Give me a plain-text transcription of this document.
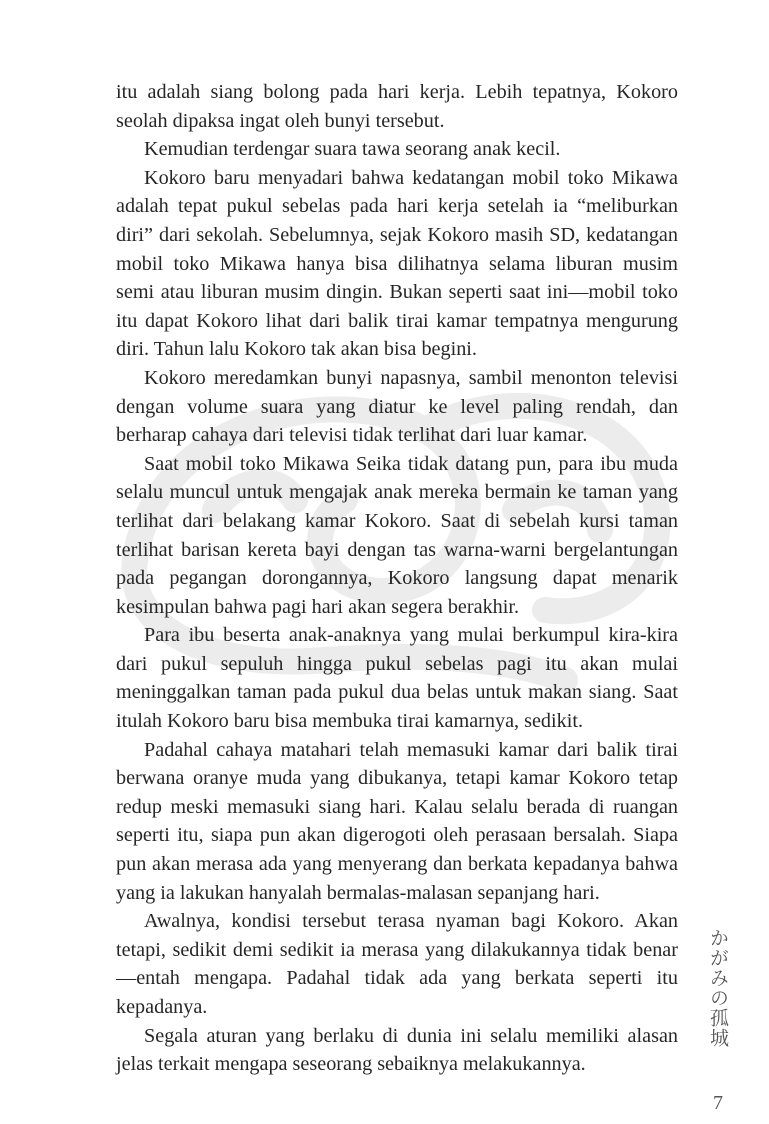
itu adalah siang bolong pada hari kerja. Lebih tepatnya, Kokoro seolah dipaksa ingat oleh bunyi tersebut.

Kemudian terdengar suara tawa seorang anak kecil.

Kokoro baru menyadari bahwa kedatangan mobil toko Mikawa adalah tepat pukul sebelas pada hari kerja setelah ia “meliburkan diri” dari sekolah. Sebelumnya, sejak Kokoro masih SD, kedatangan mobil toko Mikawa hanya bisa dilihatnya selama liburan musim semi atau liburan musim dingin. Bukan seperti saat ini—mobil toko itu dapat Kokoro lihat dari balik tirai kamar tempatnya mengurung diri. Tahun lalu Kokoro tak akan bisa begini.

Kokoro meredamkan bunyi napasnya, sambil menonton televisi dengan volume suara yang diatur ke level paling rendah, dan berharap cahaya dari televisi tidak terlihat dari luar kamar.

Saat mobil toko Mikawa Seika tidak datang pun, para ibu muda selalu muncul untuk mengajak anak mereka bermain ke taman yang terlihat dari belakang kamar Kokoro. Saat di sebelah kursi taman terlihat barisan kereta bayi dengan tas warna-warni bergelantungan pada pegangan dorongannya, Kokoro langsung dapat menarik kesimpulan bahwa pagi hari akan segera berakhir.

Para ibu beserta anak-anaknya yang mulai berkumpul kira-kira dari pukul sepuluh hingga pukul sebelas pagi itu akan mulai meninggalkan taman pada pukul dua belas untuk makan siang. Saat itulah Kokoro baru bisa membuka tirai kamarnya, sedikit.

Padahal cahaya matahari telah memasuki kamar dari balik tirai berwana oranye muda yang dibukanya, tetapi kamar Kokoro tetap redup meski memasuki siang hari. Kalau selalu berada di ruangan seperti itu, siapa pun akan digerogoti oleh perasaan bersalah. Siapa pun akan merasa ada yang menyerang dan berkata kepadanya bahwa yang ia lakukan hanyalah bermalas-malasan sepanjang hari.

Awalnya, kondisi tersebut terasa nyaman bagi Kokoro. Akan tetapi, sedikit demi sedikit ia merasa yang dilakukannya tidak benar—entah mengapa. Padahal tidak ada yang berkata seperti itu kepadanya.

Segala aturan yang berlaku di dunia ini selalu memiliki alasan jelas terkait mengapa seseorang sebaiknya melakukannya.

かがみの孤城
7
